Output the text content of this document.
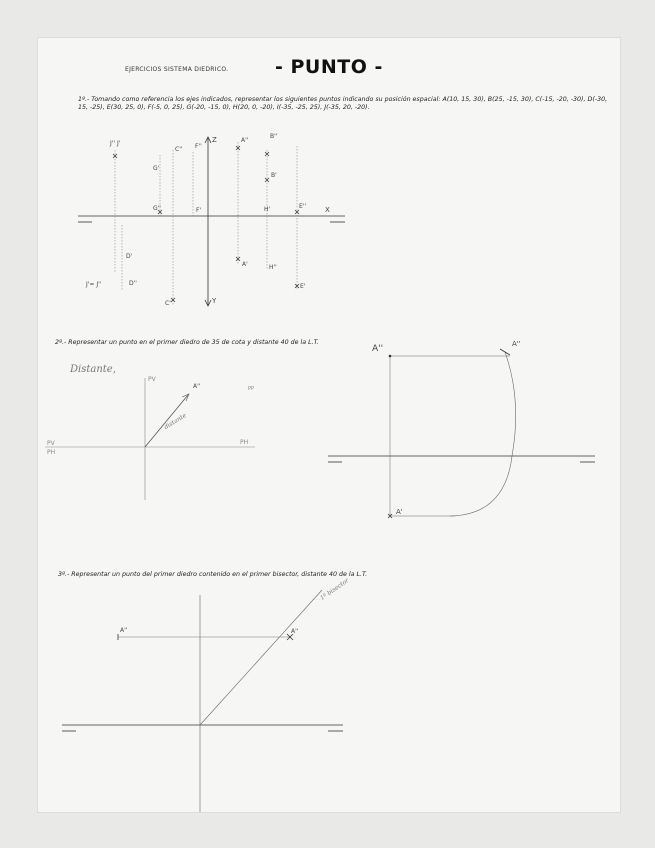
EJERCICIOS SISTEMA DIEDRICO. - PUNTO -
1º.- Tomando como referencia los ejes indicados, representar los siguientes puntos indicando su posición espacial: A(10, 15, 30), B(25, -15, 30), C(-15, -20, -30), D(-30, 15, -25), E(30, 25, 0), F(-5, 0, 25), G(-20, -15, 0), H(20, 0, -20), I(-35, -25, 25), J(-35, 20, -20).
2º.- Representar un punto en el primer diedro de 35 de cota y distante 40 de la L.T.
3º.- Representar un punto del primer diedro contenido en el primer bisector, distante 40 de la L.T.
Z
X
Y
A''
B''
A'
B'
C''
C'
D''
D'
E''
E'
F''
F'
G''
G'
H'
H''
J'' J'
J'= J''
Distante,
PV
PV
PH
PH
PP
distante
A''
A''
A'
A''
A''	A''
1º bisector
